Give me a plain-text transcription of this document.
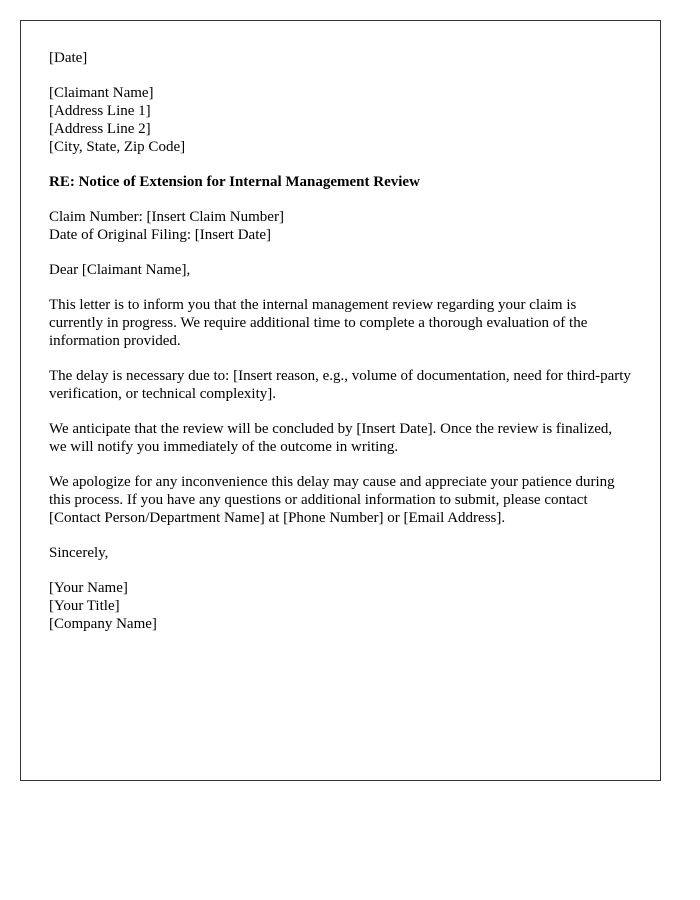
[Date]

[Claimant Name]
[Address Line 1]
[Address Line 2]
[City, State, Zip Code]

RE: Notice of Extension for Internal Management Review

Claim Number: [Insert Claim Number]
Date of Original Filing: [Insert Date]

Dear [Claimant Name],

This letter is to inform you that the internal management review regarding your claim is currently in progress. We require additional time to complete a thorough evaluation of the information provided.

The delay is necessary due to: [Insert reason, e.g., volume of documentation, need for third-party verification, or technical complexity].

We anticipate that the review will be concluded by [Insert Date]. Once the review is finalized, we will notify you immediately of the outcome in writing.

We apologize for any inconvenience this delay may cause and appreciate your patience during this process. If you have any questions or additional information to submit, please contact [Contact Person/Department Name] at [Phone Number] or [Email Address].

Sincerely,

[Your Name]
[Your Title]
[Company Name]
